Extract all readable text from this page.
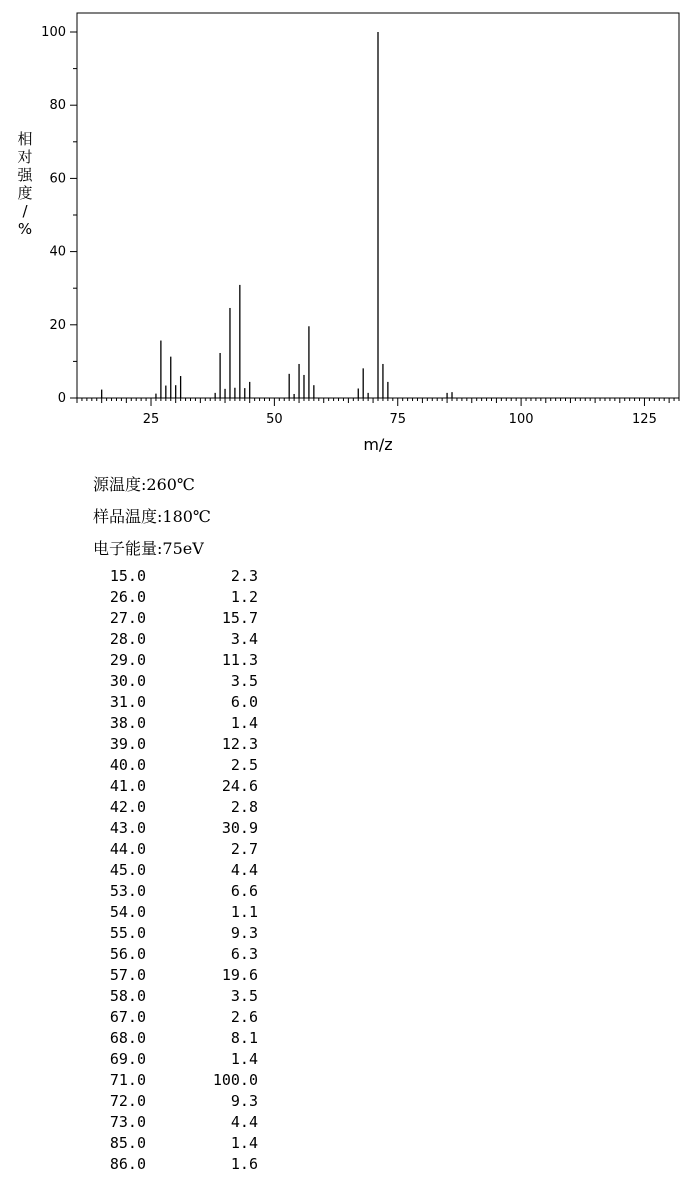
0
20
40
60
80
100
25	50	75	100	125
m/z
相
对
强
度
/
%
源温度:260℃
样品温度:180℃
电子能量:75eV
15.0	2.3
26.0	1.2
27.0	15.7
28.0	3.4
29.0	11.3
30.0	3.5
31.0	6.0
38.0	1.4
39.0	12.3
40.0	2.5
41.0	24.6
42.0	2.8
43.0	30.9
44.0	2.7
45.0	4.4
53.0	6.6
54.0	1.1
55.0	9.3
56.0	6.3
57.0	19.6
58.0	3.5
67.0	2.6
68.0	8.1
69.0	1.4
71.0	100.0
72.0	9.3
73.0	4.4
85.0	1.4
86.0	1.6
